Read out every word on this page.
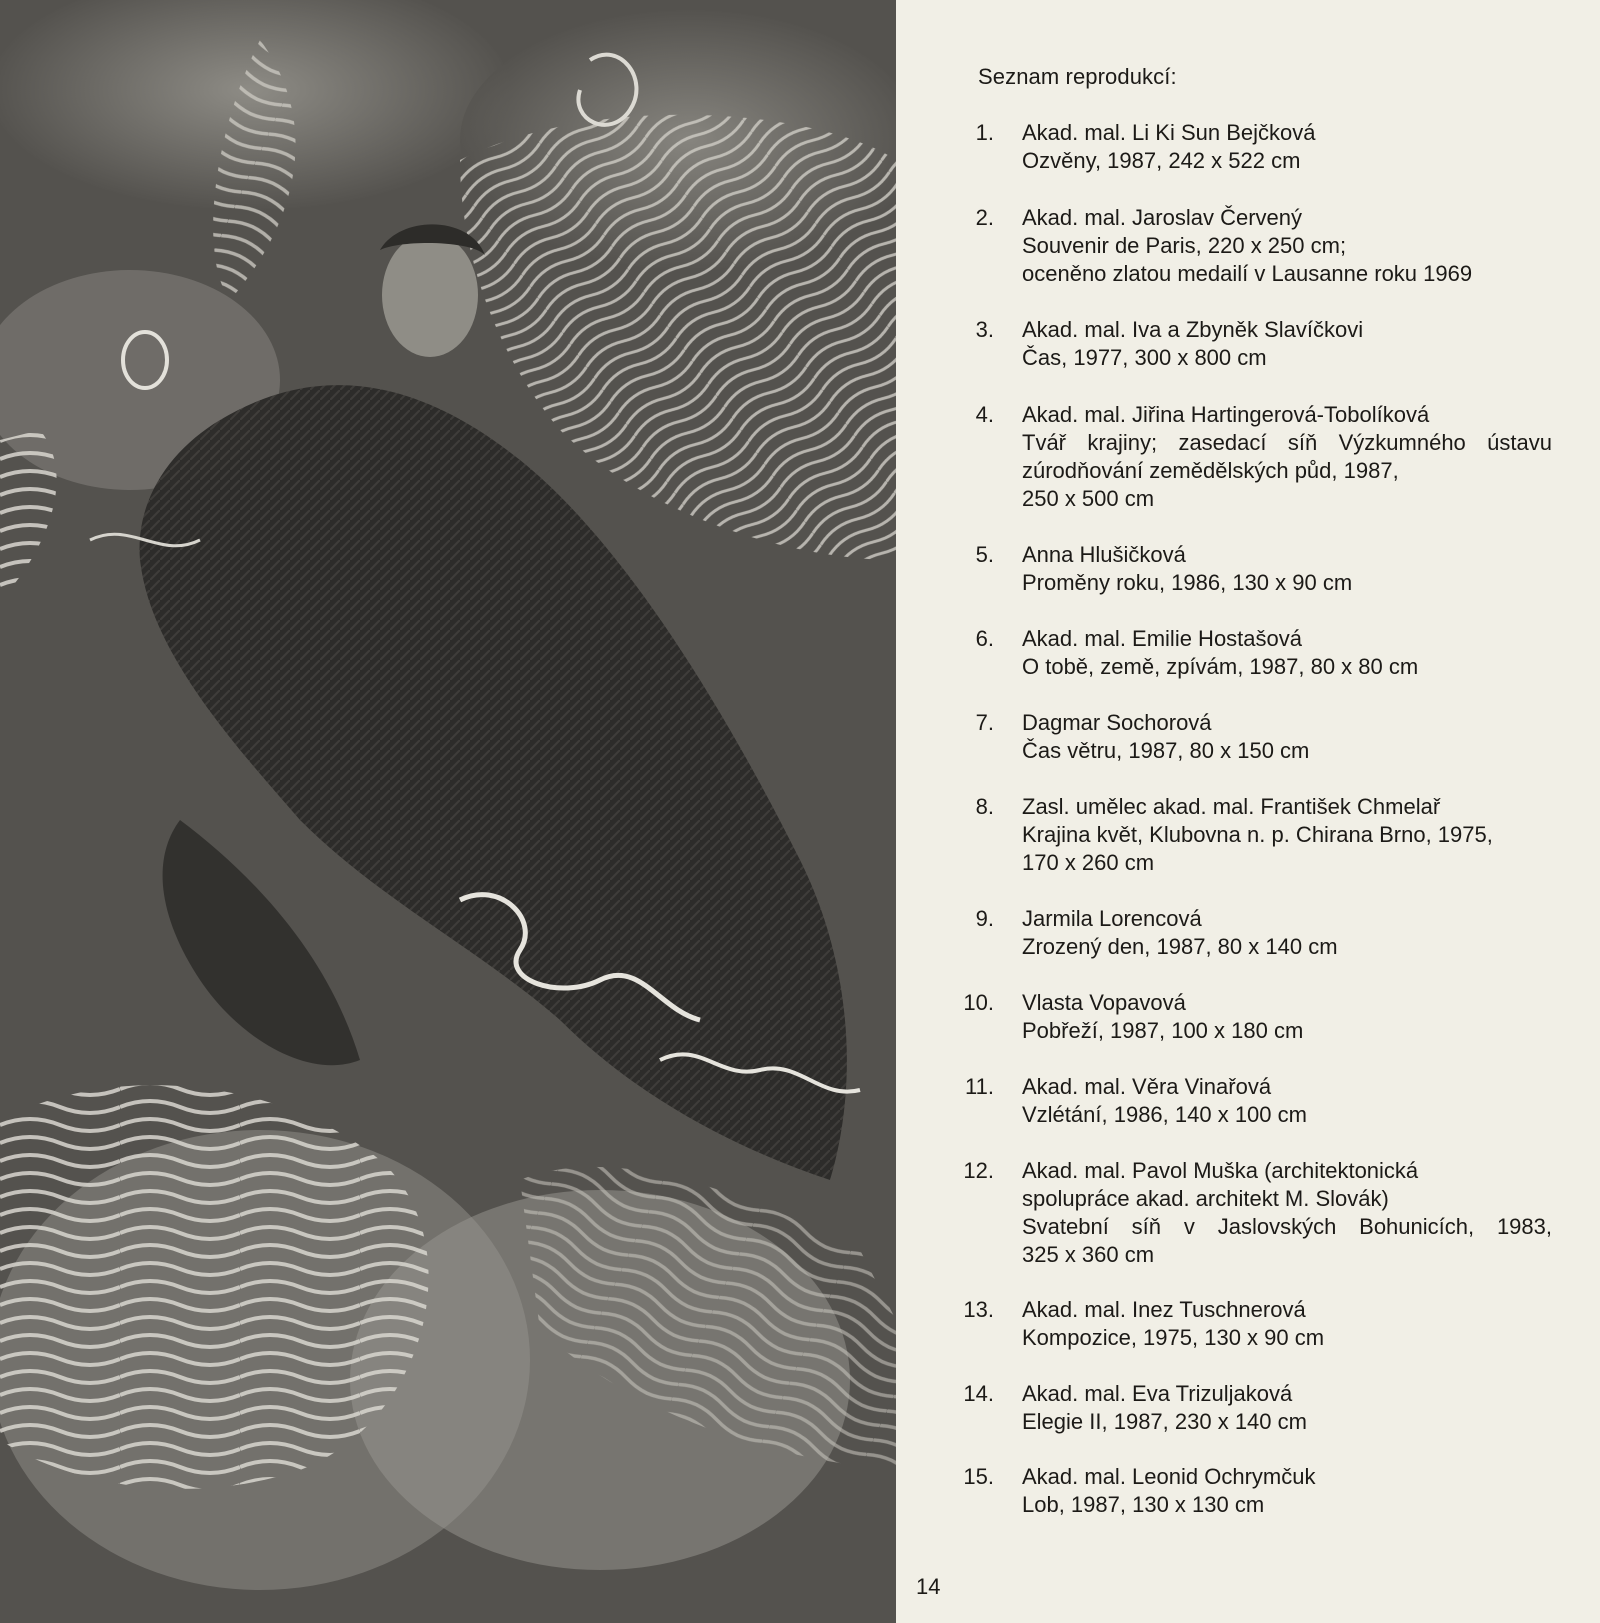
Seznam reprodukcí:
1. Akad. mal. Li Ki Sun Bejčková
Ozvěny, 1987, 242 x 522 cm
2. Akad. mal. Jaroslav Červený
Souvenir de Paris, 220 x 250 cm;
oceněno zlatou medailí v Lausanne roku 1969
3. Akad. mal. Iva a Zbyněk Slavíčkovi
Čas, 1977, 300 x 800 cm
4. Akad. mal. Jiřina Hartingerová-Tobolíková
Tvář krajiny; zasedací síň Výzkumného ústavu
zúrodňování zemědělských půd, 1987,
250 x 500 cm
5. Anna Hlušičková
Proměny roku, 1986, 130 x 90 cm
6. Akad. mal. Emilie Hostašová
O tobě, země, zpívám, 1987, 80 x 80 cm
7. Dagmar Sochorová
Čas větru, 1987, 80 x 150 cm
8. Zasl. umělec akad. mal. František Chmelař
Krajina květ, Klubovna n. p. Chirana Brno, 1975,
170 x 260 cm
9. Jarmila Lorencová
Zrozený den, 1987, 80 x 140 cm
10. Vlasta Vopavová
Pobřeží, 1987, 100 x 180 cm
11. Akad. mal. Věra Vinařová
Vzlétání, 1986, 140 x 100 cm
12. Akad. mal. Pavol Muška (architektonická
spolupráce akad. architekt M. Slovák)
Svatební síň v Jaslovských Bohunicích, 1983,
325 x 360 cm
13. Akad. mal. Inez Tuschnerová
Kompozice, 1975, 130 x 90 cm
14. Akad. mal. Eva Trizuljaková
Elegie II, 1987, 230 x 140 cm
15. Akad. mal. Leonid Ochrymčuk
Lob, 1987, 130 x 130 cm
14
